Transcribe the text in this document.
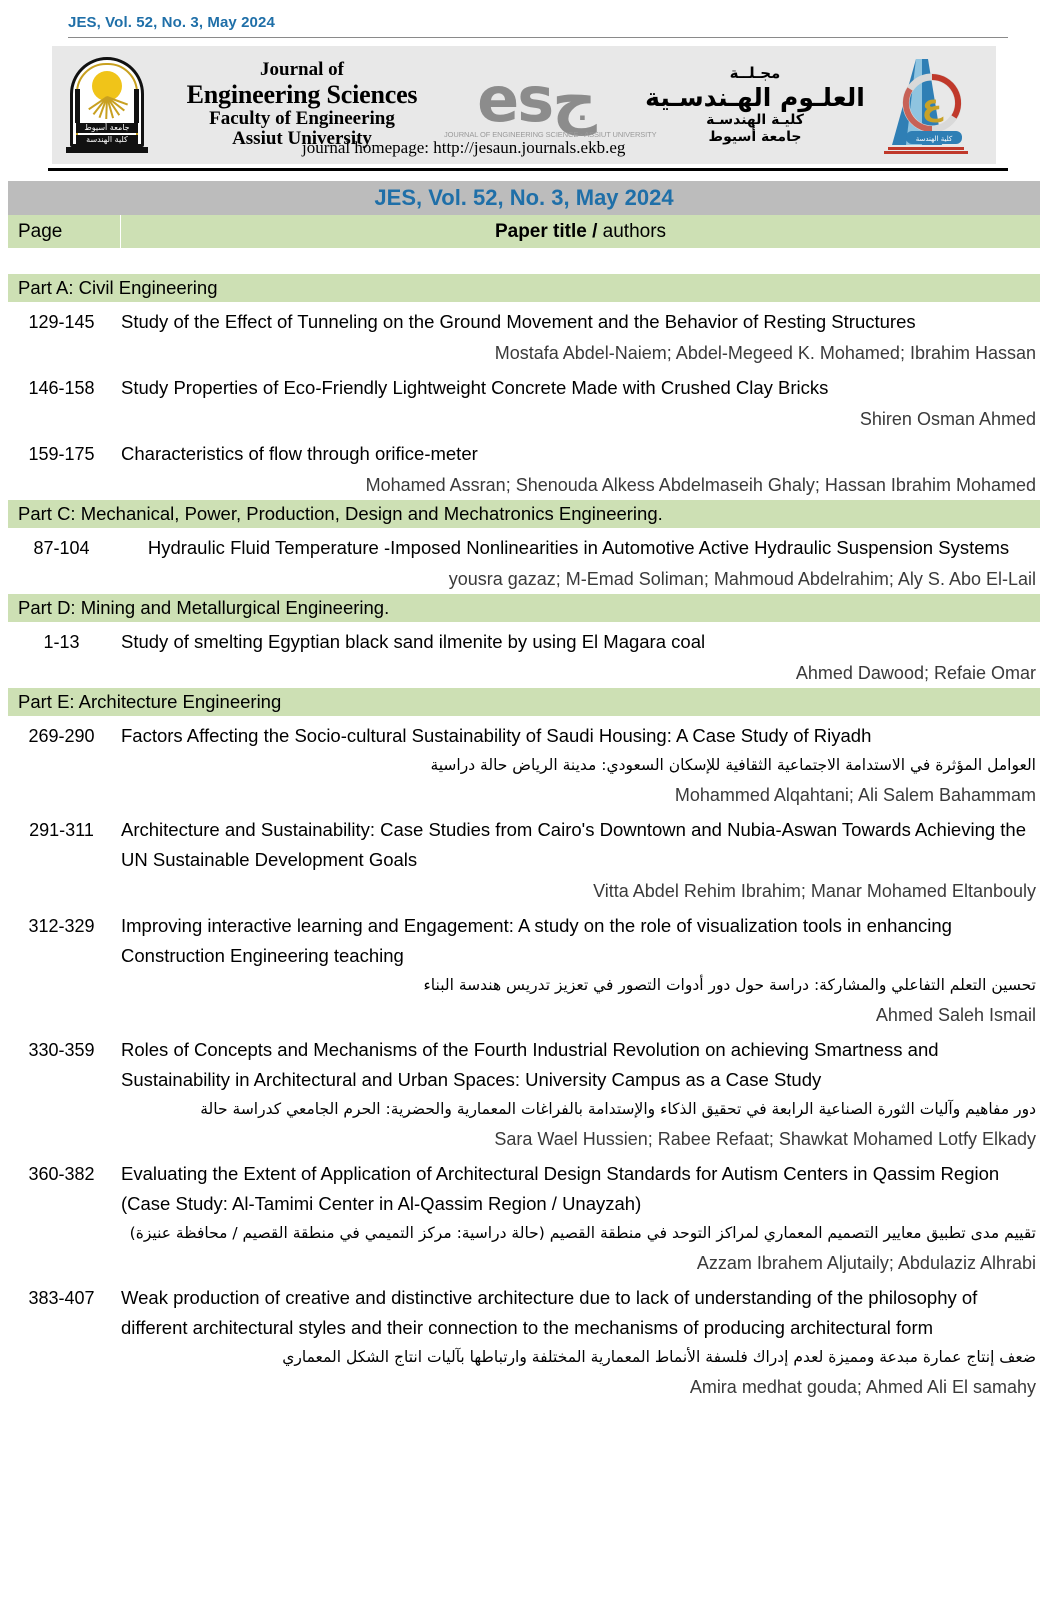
JES, Vol. 52, No. 3, May 2024
جامعة أسيوط
كلية الهندسة
Journal of
Engineering Sciences
Faculty of Engineering
Assiut University
جes
JOURNAL OF ENGINEERING SCIENCE - ASSIUT UNIVERSITY
مجـلــة
العلـوم الهـندسـية
كليـة الهندسـة
جامعة أسيوط
ع
كلية الهندسة
journal homepage: http://jesaun.journals.ekb.eg
JES, Vol. 52, No. 3, May 2024
Page	Paper title / authors
Part A: Civil Engineering
129-145	Study of the Effect of Tunneling on the Ground Movement and the Behavior of Resting Structures
Mostafa Abdel-Naiem; Abdel-Megeed K. Mohamed; Ibrahim Hassan
146-158	Study Properties of Eco-Friendly Lightweight Concrete Made with Crushed Clay Bricks
Shiren Osman Ahmed
159-175	Characteristics of flow through orifice-meter
Mohamed Assran; Shenouda Alkess Abdelmaseih Ghaly; Hassan Ibrahim Mohamed
Part C: Mechanical, Power, Production, Design and Mechatronics Engineering.
87-104	Hydraulic Fluid Temperature -Imposed Nonlinearities in Automotive Active Hydraulic Suspension Systems
yousra gazaz; M-Emad Soliman; Mahmoud Abdelrahim; Aly S. Abo El-Lail
Part D: Mining and Metallurgical Engineering.
1-13	Study of smelting Egyptian black sand ilmenite by using El Magara coal
Ahmed Dawood; Refaie Omar
Part E: Architecture Engineering
269-290	Factors Affecting the Socio-cultural Sustainability of Saudi Housing: A Case Study of Riyadh
العوامل المؤثرة في الاستدامة الاجتماعية الثقافية للإسكان السعودي: مدينة الرياض حالة دراسية
Mohammed Alqahtani; Ali Salem Bahammam
291-311	Architecture and Sustainability: Case Studies from Cairo's Downtown and Nubia-Aswan Towards Achieving the UN Sustainable Development Goals
Vitta Abdel Rehim Ibrahim; Manar Mohamed Eltanbouly
312-329	Improving interactive learning and Engagement: A study on the role of visualization tools in enhancing Construction Engineering teaching
تحسين التعلم التفاعلي والمشاركة: دراسة حول دور أدوات التصور في تعزيز تدريس هندسة البناء
Ahmed Saleh Ismail
330-359	Roles of Concepts and Mechanisms of the Fourth Industrial Revolution on achieving Smartness and Sustainability in Architectural and Urban Spaces: University Campus as a Case Study
دور مفاهيم وآليات الثورة الصناعية الرابعة في تحقيق الذكاء والإستدامة بالفراغات المعمارية والحضرية: الحرم الجامعي كدراسة حالة
Sara Wael Hussien; Rabee Refaat; Shawkat Mohamed Lotfy Elkady
360-382	Evaluating the Extent of Application of Architectural Design Standards for Autism Centers in Qassim Region (Case Study: Al-Tamimi Center in Al-Qassim Region / Unayzah)
تقييم مدى تطبيق معايير التصميم المعماري لمراكز التوحد في منطقة القصيم (حالة دراسية: مركز التميمي في منطقة القصيم / محافظة عنيزة)
Azzam Ibrahem Aljutaily; Abdulaziz Alhrabi
383-407	Weak production of creative and distinctive architecture due to lack of understanding of the philosophy of different architectural styles and their connection to the mechanisms of producing architectural form
ضعف إنتاج عمارة مبدعة ومميزة لعدم إدراك فلسفة الأنماط المعمارية المختلفة وارتباطها بآليات انتاج الشكل المعماري
Amira medhat gouda; Ahmed Ali El samahy
